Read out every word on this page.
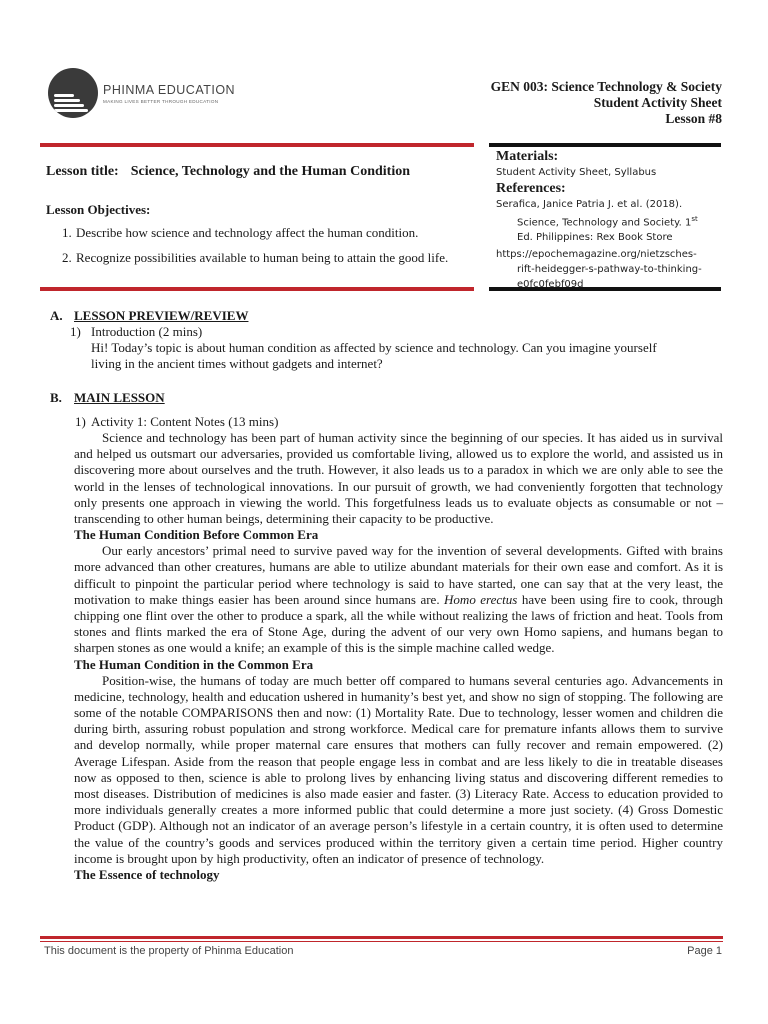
PHINMA EDUCATION
MAKING LIVES BETTER THROUGH EDUCATION
GEN 003: Science Technology & Society
Student Activity Sheet
Lesson #8
Lesson title: Science, Technology and the Human Condition
Lesson Objectives:
1. Describe how science and technology affect the human condition.
2. Recognize possibilities available to human being to attain the good life.
Materials:
Student Activity Sheet, Syllabus
References:
Serafica, Janice Patria J. et al. (2018).
Science, Technology and Society. 1st
Ed. Philippines: Rex Book Store
https://epochemagazine.org/nietzsches-
rift-heidegger-s-pathway-to-thinking-
e0fc0febf09d
A. LESSON PREVIEW/REVIEW
1) Introduction (2 mins)
Hi! Today’s topic is about human condition as affected by science and technology. Can you imagine yourself
living in the ancient times without gadgets and internet?
B. MAIN LESSON
1) Activity 1: Content Notes (13 mins)
Science and technology has been part of human activity since the beginning of our species. It has aided us in survival and helped us outsmart our adversaries, provided us comfortable living, allowed us to explore the world, and assisted us in discovering more about ourselves and the truth. However, it also leads us to a paradox in which we are only able to see the world in the lenses of technological innovations. In our pursuit of growth, we had conveniently forgotten that technology only presents one approach in viewing the world. This forgetfulness leads us to evaluate objects as consumable or not – transcending to other human beings, determining their capacity to be productive.
The Human Condition Before Common Era
Our early ancestors’ primal need to survive paved way for the invention of several developments. Gifted with brains more advanced than other creatures, humans are able to utilize abundant materials for their own ease and comfort. As it is difficult to pinpoint the particular period where technology is said to have started, one can say that at the very least, the motivation to make things easier has been around since humans are. Homo erectus have been using fire to cook, through chipping one flint over the other to produce a spark, all the while without realizing the laws of friction and heat. Tools from stones and flints marked the era of Stone Age, during the advent of our very own Homo sapiens, and humans began to sharpen stones as one would a knife; an example of this is the simple machine called wedge.
The Human Condition in the Common Era
Position-wise, the humans of today are much better off compared to humans several centuries ago. Advancements in medicine, technology, health and education ushered in humanity’s best yet, and show no sign of stopping. The following are some of the notable COMPARISONS then and now: (1) Mortality Rate. Due to technology, lesser women and children die during birth, assuring robust population and strong workforce. Medical care for premature infants allows them to survive and develop normally, while proper maternal care ensures that mothers can fully recover and remain empowered. (2) Average Lifespan. Aside from the reason that people engage less in combat and are less likely to die in treatable diseases now as opposed to then, science is able to prolong lives by enhancing living status and discovering different remedies to most diseases. Distribution of medicines is also made easier and faster. (3) Literacy Rate. Access to education provided to more individuals generally creates a more informed public that could determine a more just society. (4) Gross Domestic Product (GDP). Although not an indicator of an average person’s lifestyle in a certain country, it is often used to determine the value of the country’s goods and services produced within the territory given a certain time period. Higher country income is brought upon by high productivity, often an indicator of presence of technology.
The Essence of technology
This document is the property of Phinma Education	Page 1
